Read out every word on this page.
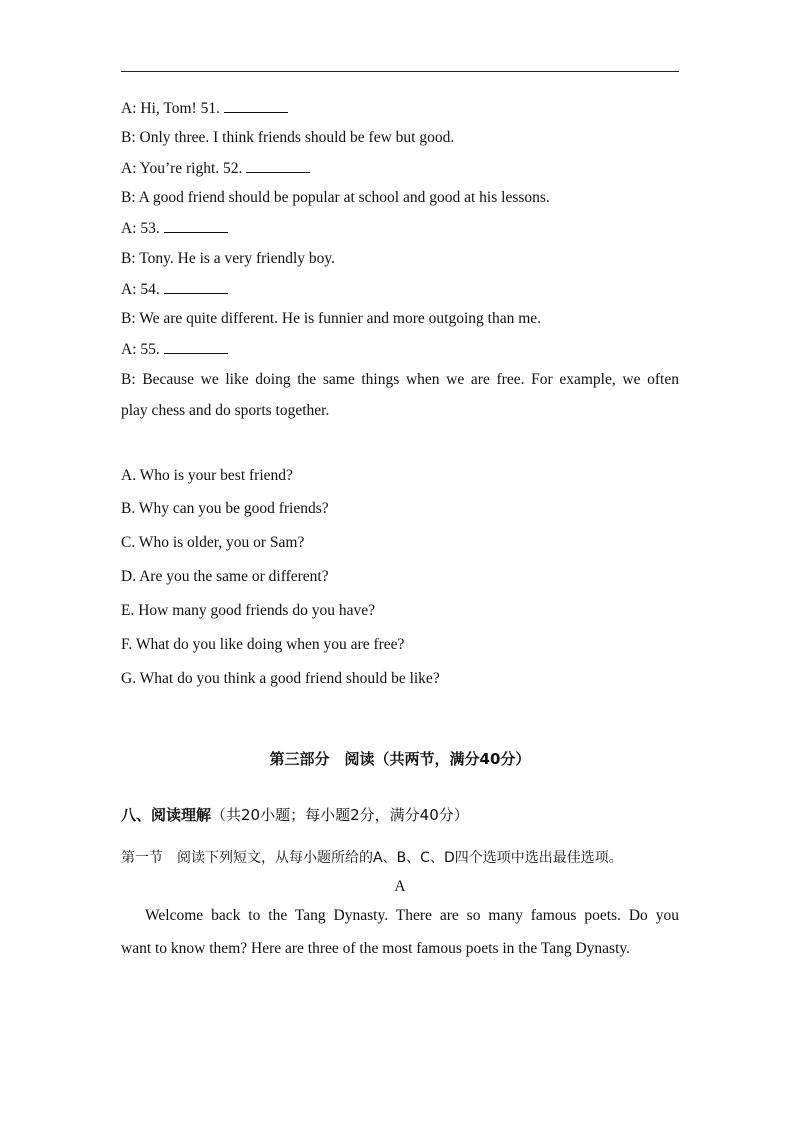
A: Hi, Tom! 51.
B: Only three. I think friends should be few but good.
A: You’re right. 52.
B: A good friend should be popular at school and good at his lessons.
A: 53.
B: Tony. He is a very friendly boy.
A: 54.
B: We are quite different. He is funnier and more outgoing than me.
A: 55.
B: Because we like doing the same things when we are free. For example, we often
play chess and do sports together.
A. Who is your best friend?
B. Why can you be good friends?
C. Who is older, you or Sam?
D. Are you the same or different?
E. How many good friends do you have?
F. What do you like doing when you are free?
G. What do you think a good friend should be like?
第三部分　阅读（共两节，满分40分）
八、阅读理解（共20小题；每小题2分，满分40分）
第一节　阅读下列短文，从每小题所给的A、B、C、D四个选项中选出最佳选项。
A
Welcome back to the Tang Dynasty. There are so many famous poets. Do you
want to know them? Here are three of the most famous poets in the Tang Dynasty.
